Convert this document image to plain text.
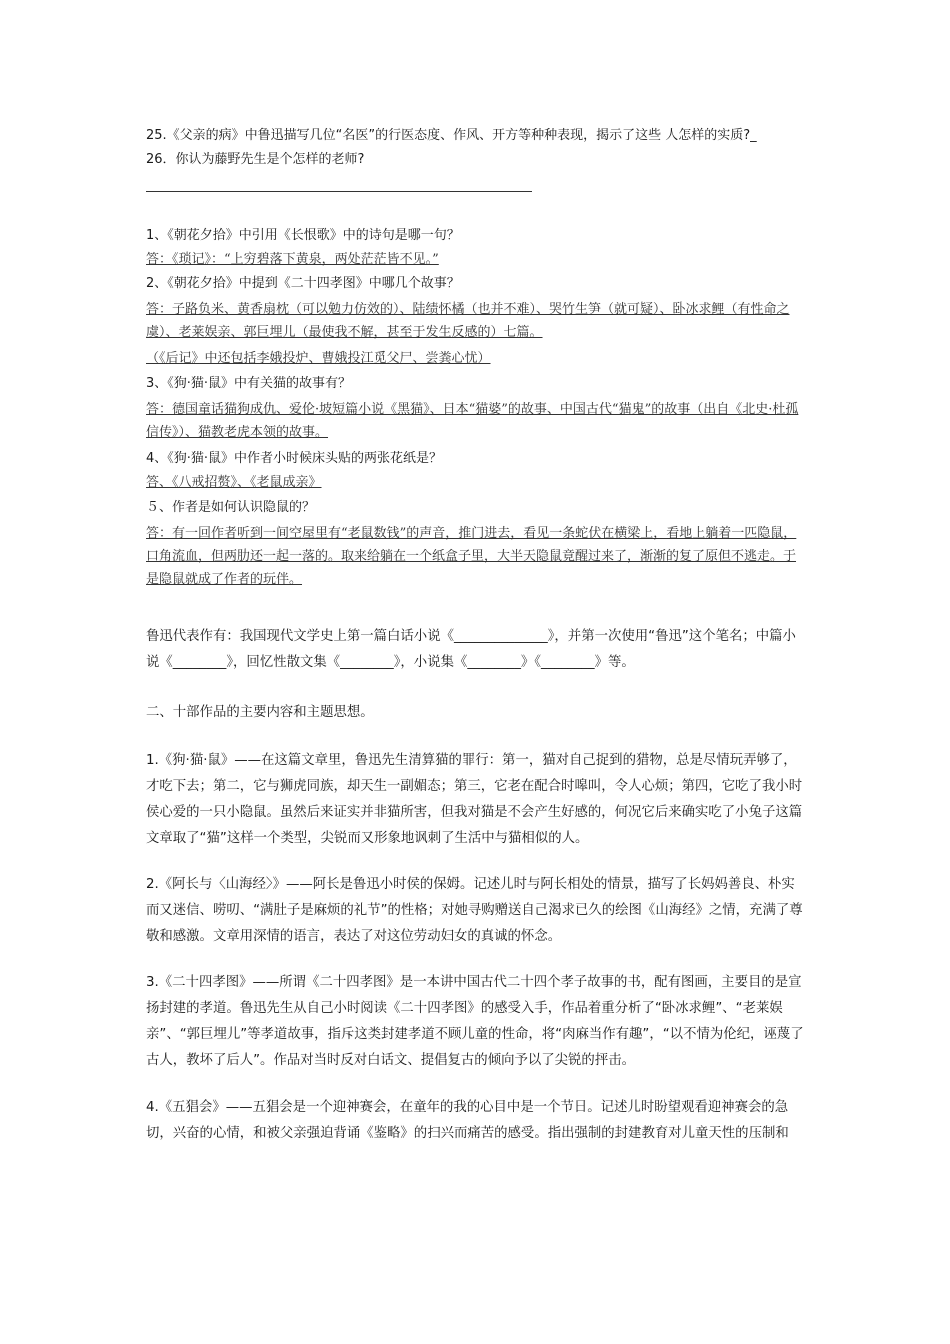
25.《父亲的病》中鲁迅描写几位“名医”的行医态度、作风、开方等种种表现，揭示了这些 人怎样的实质?_
26．你认为藤野先生是个怎样的老师?
1、《朝花夕拾》中引用《长恨歌》中的诗句是哪一句？
答：《琐记》：“上穷碧落下黄泉，两处茫茫皆不见。”
2、《朝花夕拾》中提到《二十四孝图》中哪几个故事？
答：子路负米、黄香扇枕（可以勉力仿效的）、陆绩怀橘（也并不难）、哭竹生笋（就可疑）、卧冰求鲤（有性命之虞）、老莱娱亲、郭巨埋儿（最使我不解，甚至于发生反感的）七篇。
（《后记》中还包括李娥投炉、曹娥投江觅父尸、尝粪心忧）
3、《狗·猫·鼠》中有关猫的故事有？
答：德国童话猫狗成仇、爱伦·坡短篇小说《黑猫》、日本“猫婆”的故事、中国古代“猫鬼”的故事（出自《北史·杜孤信传》）、猫教老虎本领的故事。
4、《狗·猫·鼠》中作者小时候床头贴的两张花纸是？
答、《八戒招赘》、《老鼠成亲》
５、作者是如何认识隐鼠的？
答：有一回作者听到一间空屋里有“老鼠数钱”的声音，推门进去，看见一条蛇伏在横梁上，看地上躺着一匹隐鼠，口角流血，但两肋还一起一落的。取来给躺在一个纸盒子里，大半天隐鼠竟醒过来了，渐渐的复了原但不逃走。于是隐鼠就成了作者的玩伴。
鲁迅代表作有：我国现代文学史上第一篇白话小说《______________》，并第一次使用“鲁迅”这个笔名；中篇小说《________》，回忆性散文集《________》，小说集《________》《________》等。
二、十部作品的主要内容和主题思想。
1.《狗·猫·鼠》——在这篇文章里，鲁迅先生清算猫的罪行：第一，猫对自己捉到的猎物，总是尽情玩弄够了，才吃下去；第二，它与狮虎同族，却天生一副媚态；第三，它老在配合时嗥叫，令人心烦；第四，它吃了我小时侯心爱的一只小隐鼠。虽然后来证实并非猫所害，但我对猫是不会产生好感的，何况它后来确实吃了小兔子这篇文章取了“猫”这样一个类型，尖锐而又形象地讽刺了生活中与猫相似的人。
2.《阿长与〈山海经〉》——阿长是鲁迅小时侯的保姆。记述儿时与阿长相处的情景，描写了长妈妈善良、朴实而又迷信、唠叨、“满肚子是麻烦的礼节”的性格；对她寻购赠送自己渴求已久的绘图《山海经》之情，充满了尊敬和感激。文章用深情的语言，表达了对这位劳动妇女的真诚的怀念。
3.《二十四孝图》——所谓《二十四孝图》是一本讲中国古代二十四个孝子故事的书，配有图画，主要目的是宣扬封建的孝道。鲁迅先生从自己小时阅读《二十四孝图》的感受入手，作品着重分析了“卧冰求鲤”、“老莱娱亲”、“郭巨埋儿”等孝道故事，指斥这类封建孝道不顾儿童的性命，将“肉麻当作有趣”，“以不情为伦纪，诬蔑了古人，教坏了后人”。作品对当时反对白话文、提倡复古的倾向予以了尖锐的抨击。
4.《五猖会》——五猖会是一个迎神赛会，在童年的我的心目中是一个节日。记述儿时盼望观看迎神赛会的急切，兴奋的心情，和被父亲强迫背诵《鉴略》的扫兴而痛苦的感受。指出强制的封建教育对儿童天性的压制和
